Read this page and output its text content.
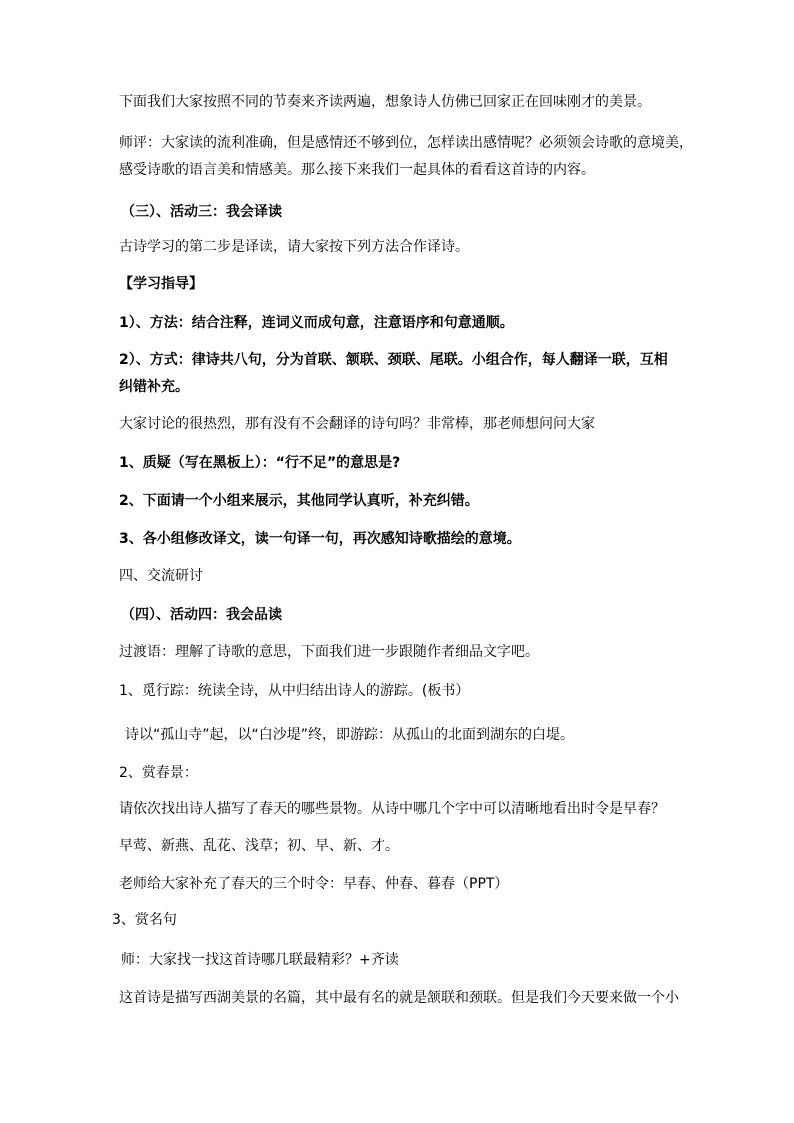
下面我们大家按照不同的节奏来齐读两遍，想象诗人仿佛已回家正在回味刚才的美景。
师评：大家读的流利准确，但是感情还不够到位，怎样读出感情呢？必须领会诗歌的意境美，
感受诗歌的语言美和情感美。那么接下来我们一起具体的看看这首诗的内容。
（三）、活动三：我会译读
古诗学习的第二步是译读，请大家按下列方法合作译诗。
【学习指导】
1）、方法：结合注释，连词义而成句意，注意语序和句意通顺。
2）、方式：律诗共八句，分为首联、颔联、颈联、尾联。小组合作，每人翻译一联，互相
纠错补充。
大家讨论的很热烈，那有没有不会翻译的诗句吗？非常棒，那老师想问问大家
1、质疑（写在黑板上）：“行不足”的意思是?
2、下面请一个小组来展示，其他同学认真听，补充纠错。
3、各小组修改译文，读一句译一句，再次感知诗歌描绘的意境。
四、交流研讨
（四）、活动四：我会品读
过渡语：理解了诗歌的意思，下面我们进一步跟随作者细品文字吧。
1、觅行踪：统读全诗，从中归结出诗人的游踪。(板书）
诗以“孤山寺”起，以“白沙堤”终，即游踪：从孤山的北面到湖东的白堤。
2、赏春景：
请依次找出诗人描写了春天的哪些景物。从诗中哪几个字中可以清晰地看出时令是早春？
早莺、新燕、乱花、浅草；初、早、新、才。
老师给大家补充了春天的三个时令：早春、仲春、暮春（PPT）
3、赏名句
师：大家找一找这首诗哪几联最精彩？+齐读
这首诗是描写西湖美景的名篇，其中最有名的就是颔联和颈联。但是我们今天要来做一个小
